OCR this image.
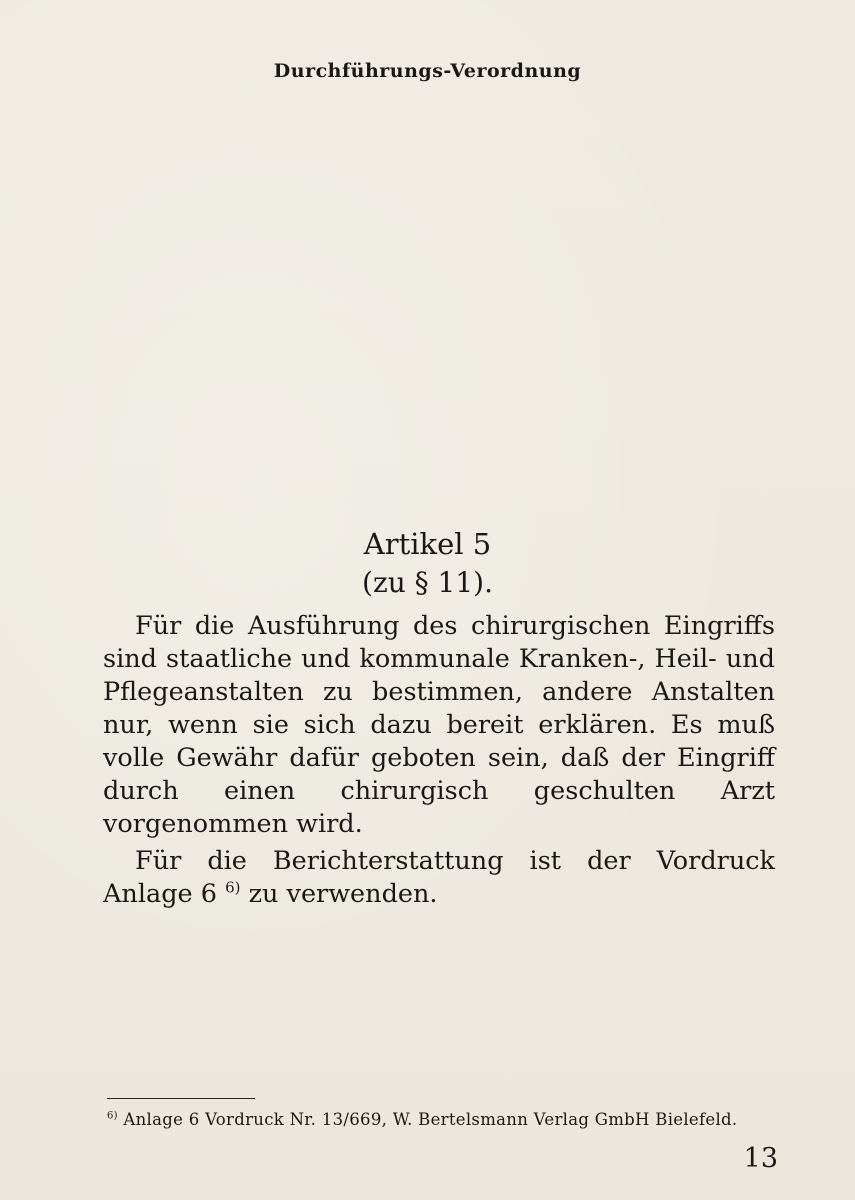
Durchführungs-Verordnung
Artikel 5
(zu § 11).

Für die Ausführung des chirurgischen Eingriffs sind staatliche und kommunale Kranken-, Heil- und Pflegeanstalten zu bestimmen, andere Anstalten nur, wenn sie sich dazu bereit erklären. Es muß volle Gewähr dafür geboten sein, daß der Eingriff durch einen chirurgisch geschulten Arzt vorgenommen wird.

Für die Berichterstattung ist der Vordruck Anlage 6 $^{6)}$ zu verwenden.

$^{6)}$ Anlage 6 Vordruck Nr. 13/669, W. Bertelsmann Verlag GmbH Bielefeld.
13
